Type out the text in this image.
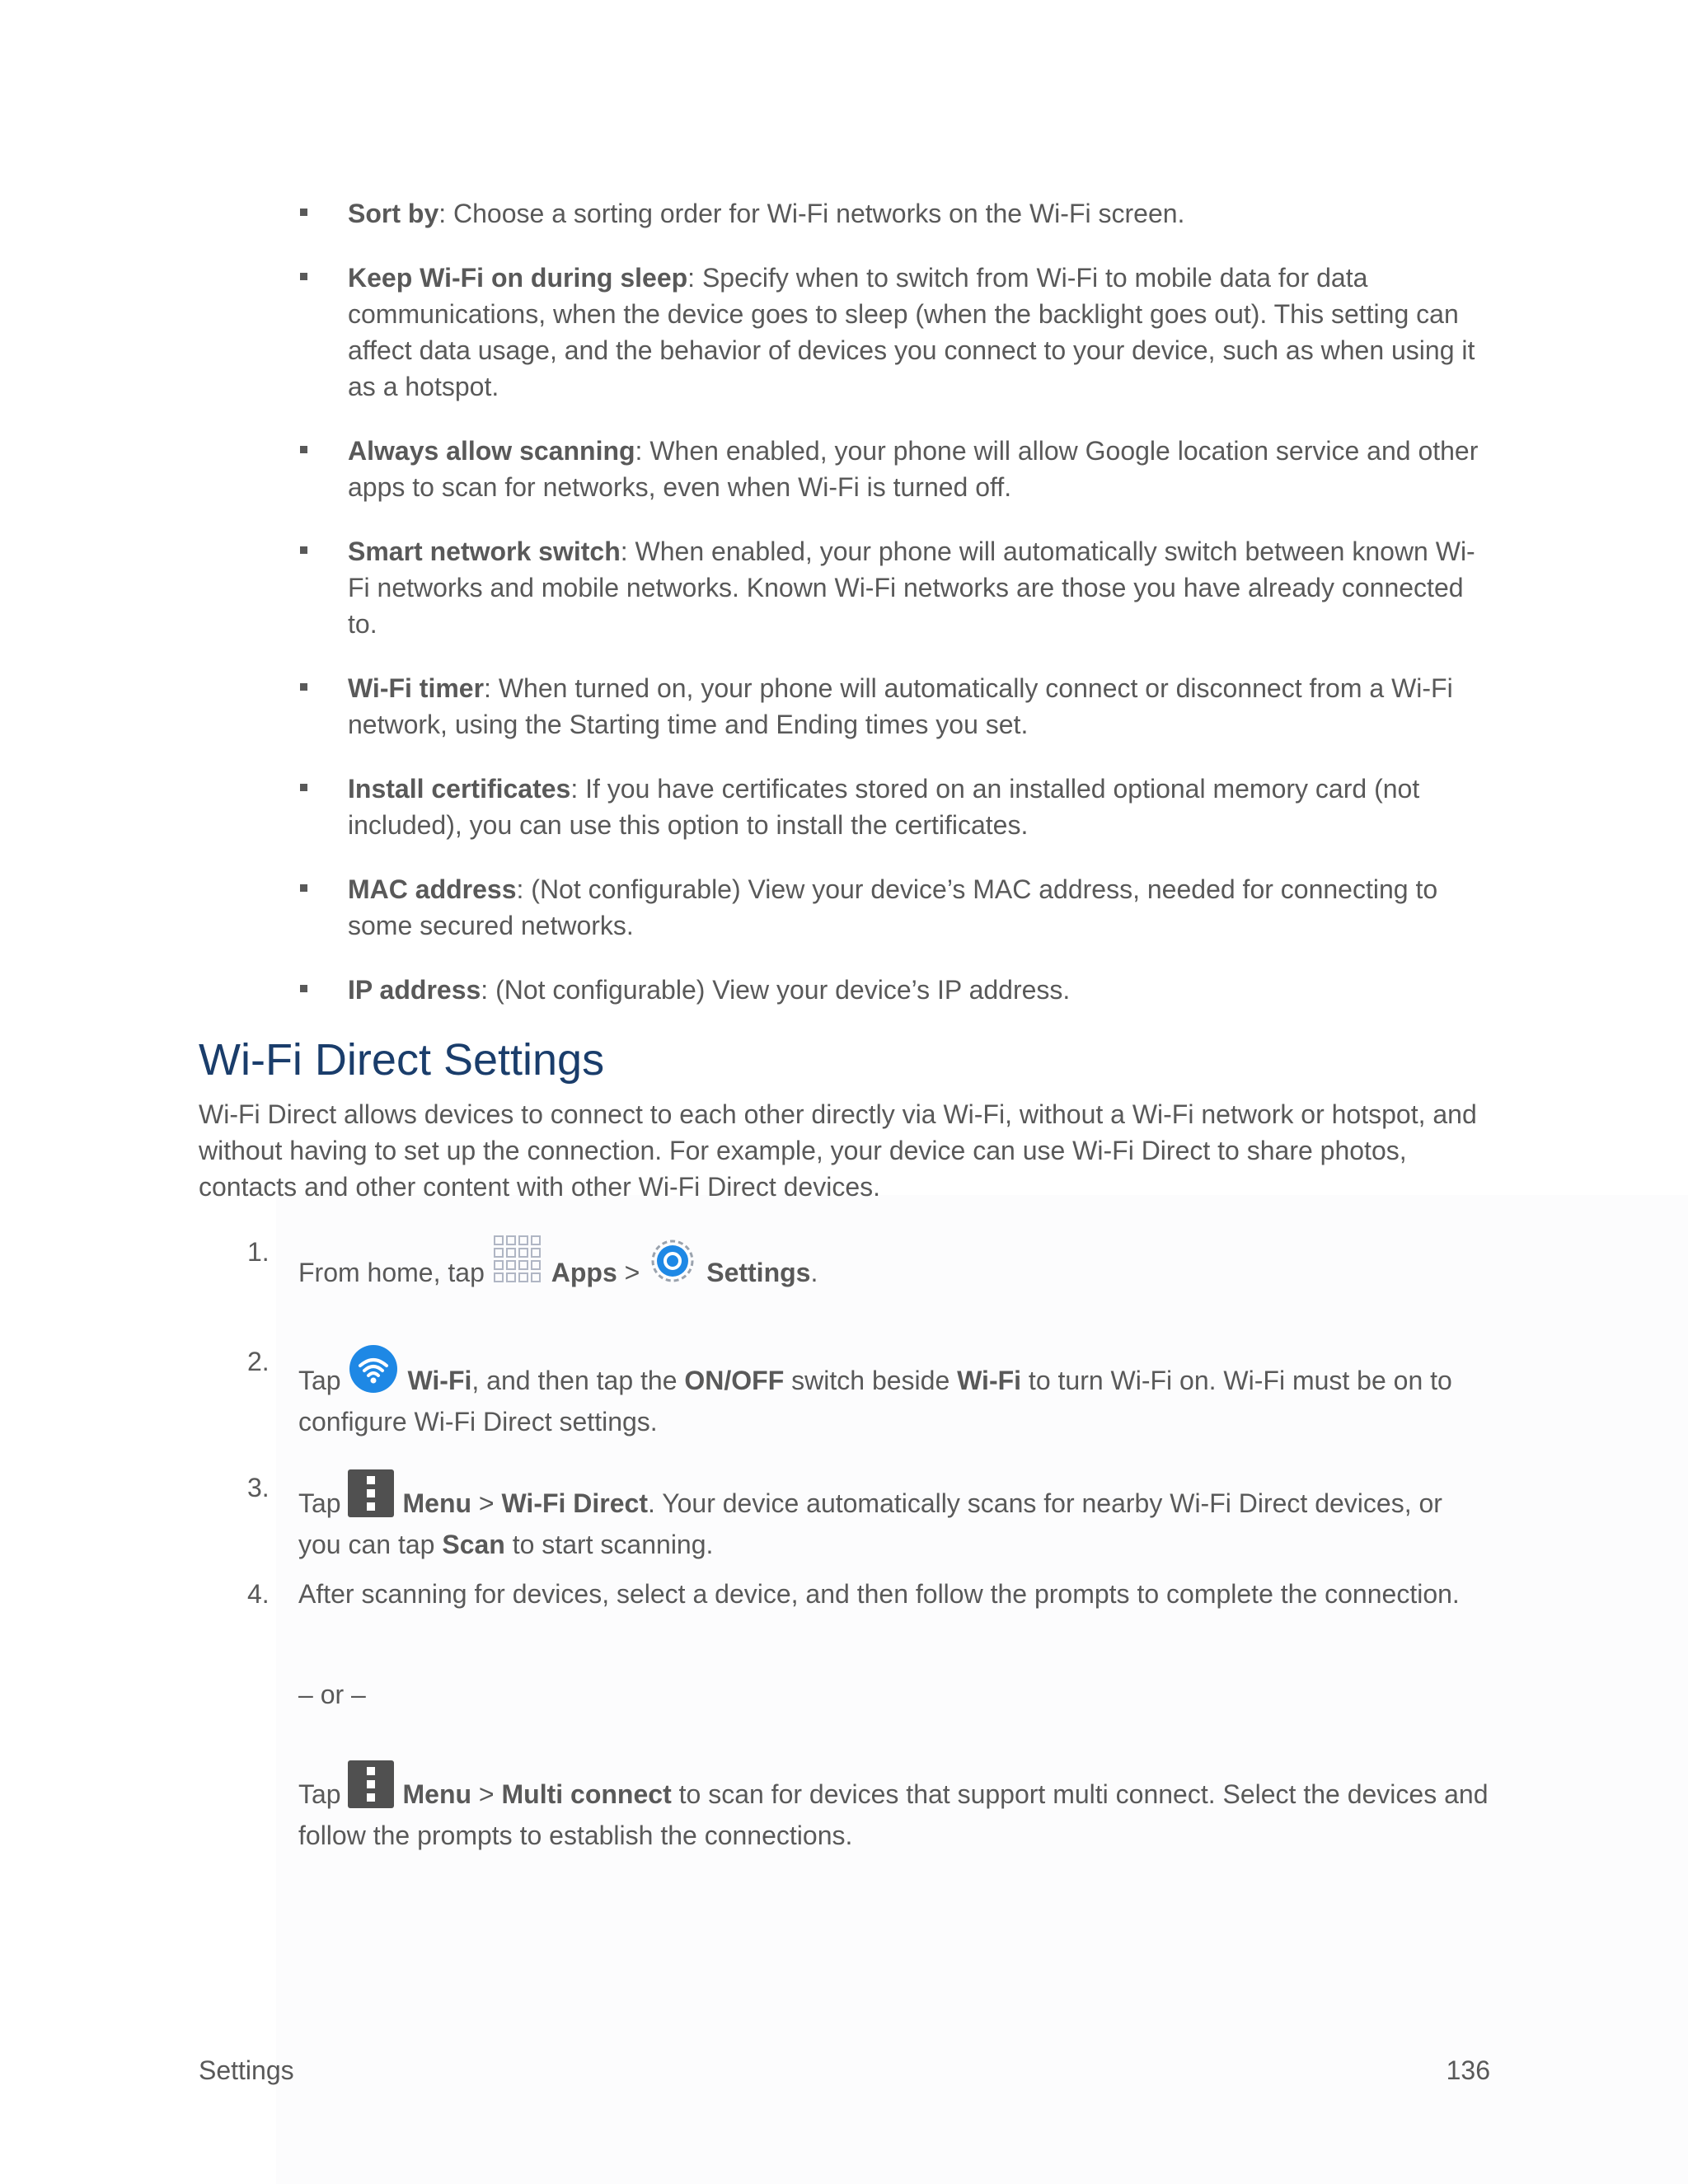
Sort by: Choose a sorting order for Wi-Fi networks on the Wi-Fi screen.
Keep Wi-Fi on during sleep: Specify when to switch from Wi-Fi to mobile data for data communications, when the device goes to sleep (when the backlight goes out). This setting can affect data usage, and the behavior of devices you connect to your device, such as when using it as a hotspot.
Always allow scanning: When enabled, your phone will allow Google location service and other apps to scan for networks, even when Wi-Fi is turned off.
Smart network switch: When enabled, your phone will automatically switch between known Wi-Fi networks and mobile networks. Known Wi-Fi networks are those you have already connected to.
Wi-Fi timer: When turned on, your phone will automatically connect or disconnect from a Wi-Fi network, using the Starting time and Ending times you set.
Install certificates: If you have certificates stored on an installed optional memory card (not included), you can use this option to install the certificates.
MAC address: (Not configurable) View your device’s MAC address, needed for connecting to some secured networks.
IP address: (Not configurable) View your device’s IP address.
Wi-Fi Direct Settings
Wi-Fi Direct allows devices to connect to each other directly via Wi-Fi, without a Wi-Fi network or hotspot, and without having to set up the connection. For example, your device can use Wi-Fi Direct to share photos, contacts and other content with other Wi-Fi Direct devices.
1.
From home, tap Apps > Settings.
2.
Tap Wi-Fi, and then tap the ON/OFF switch beside Wi-Fi to turn Wi-Fi on. Wi-Fi must be on to configure Wi-Fi Direct settings.
3.
Tap Menu > Wi-Fi Direct. Your device automatically scans for nearby Wi-Fi Direct devices, or you can tap Scan to start scanning.
4.	After scanning for devices, select a device, and then follow the prompts to complete the connection.
– or –
Tap Menu > Multi connect to scan for devices that support multi connect. Select the devices and follow the prompts to establish the connections.
Settings	136
